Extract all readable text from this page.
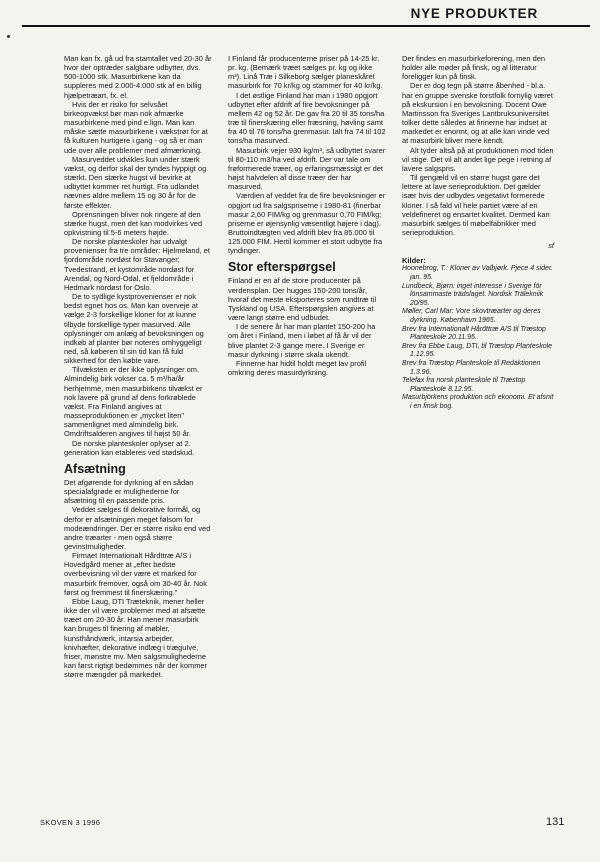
NYE PRODUKTER

Man kan fx. gå ud fra stamtallet ved 20-30 år hvor der optræder salgbare udbytter, dvs. 500-1000 stk. Masurbirkene kan da suppleres med 2.000-4.000 stk af en billig hjælpetræart, fx. el.

Hvis der er risiko for selvsået birkeopvækst bør man nok afmærke masurbirkene med pind e.lign. Man kan måske sætte masurbirkene i vækstrør for at få kulturen hurtigere i gang - og så er man ude over alle problemer med afmærkning.

Masurveddet udvikles kun under stærk vækst, og derfor skal der tyndes hyppigt og stærkt. Den stærke hugst vil bevirke at udbyttet kommer ret hurtigt. Fra udlandet nævnes aldre mellem 15 og 30 år for de første effekter.

Oprensningen bliver nok ringere af den stærke hugst, men det kan modvirkes ved opkvistning til 5-6 meters højde.

De norske planteskoler har udvalgt provenienser fra tre områder: Hjelmeland, et fjordområde nordøst for Stavanger; Tvedestrand, et kystområde nordøst for Arendal, og Nord-Odal, et fjeldområde i Hedmark nordøst for Oslo.

De to sydlige kystprovenienser er nok bedst egnet hos os. Man kan overveje at vælge 2-3 forskellige kloner for at kunne tilbyde forskellige typer masurved. Alle oplysninger om anlæg af bevoksningen og indkøb af planter bør noteres omhyggeligt ned, så køberen til sin tid kan få fuld sikkerhed for den købte vare.

Tilvæksten er der ikke oplysninger om. Almindelig birk vokser ca. 5 m³/ha/år herhjemme, men masurbirkens tilvækst er nok lavere på grund af dens forkrøblede vækst. Fra Finland angives at masseproduktionen er „mycket liten" sammenlignet med almindelig birk. Omdriftsalderen angives til højst 50 år.

De norske planteskoler oplyser at 2. generation kan etableres ved stødskud.

Afsætning

Det afgørende for dyrkning af en sådan specialafgrøde er mulighederne for afsætning til en passende pris.

Veddet sælges til dekorative formål, og derfor er afsætningen meget følsom for modeændringer. Der er større risiko end ved andre træarter - men også større gevinstmuligheder.

Firmaet Internationalt Hårdttræ A/S i Hovedgård mener at „efter bedste overbevisning vil der være et marked for masurbirk fremover, også om 30-40 år. Nok først og fremmest til finerskæring."

Ebbe Laug, DTI Træteknik, mener heller ikke der vil være problemer med at afsætte træet om 20-30 år. Han mener masurbirk kan bruges til finering af møbler, kunsthåndværk, intarsia arbejder, knivhæfter, dekorative indlæg i træguIve, friser, mønstre mv. Men salgsmulighederne kan først rigtigt bedømmes når der kommer større mængder på markedet.

I Finland får producenterne priser på 14-25 kr. pr. kg. (Bemærk træet sælges pr. kg og ikke m³). Linå Træ i Silkeborg sælger planeskåret masurbirk for 70 kr/kg og stammer for 40 kr/kg.

I det østlige Finland har man i 1980 opgjort udbyttet efter afdrift af fire bevoksninger på mellem 42 og 52 år. De gav fra 20 til 35 tons/ha træ til finerskæring eller fræsning, høvling samt fra 40 til 76 tons/ha grenmasur. Ialt fra 74 til 102 tons/ha masurved.

Masurbirk vejer 930 kg/m³, så udbyttet svarer til 80-110 m3/ha ved afdrift. Der var tale om frøformerede træer, og erfaringsmæssigt er det højst halvdelen af disse træer der har masurved.

Værdien af veddet fra de fire bevoksninger er opgjort ud fra salgspriserne i 1980-81 (finerbar masur 2,60 FIM/kg og grenmasur 0,70 FIM/kg; priserne er øjensynlig væsentligt højere i dag). Bruttoindtægten ved afdrift blev fra 85.000 til 125.000 FIM. Hertil kommer et stort udbytte fra tyndinger.

Stor efterspørgsel

Finland er en af de store producenter på verdensplan. Der hugges 150-200 tons/år, hvoraf det meste eksporteres som rundtræ til Tyskland og USA. Efterspørgslen angives at være langt større end udbudet.

I de senere år har man plantet 150-200 ha om året i Finland, men i løbet af få år vil der blive plantet 2-3 gange mere. I Sverige er masur dyrkning i større skala ukendt.

Finnerne har hidtil holdt meget lav profil omkring deres masurdyrkning.

Der findes en masurbirkeforening, men den holder alle møder på finsk, og al litteratur foreligger kun på finsk.

Der er dog tegn på større åbenhed - bl.a. har en gruppe svenske forstfolk fornylig været på ekskursion i en bevoksning. Docent Owe Martinsson fra Sveriges Lantbruksuniversitet tolker dette således at finnerne har indset at markedet er enormt, og at alle kan vinde ved at masurbirk bliver mere kendt.

Alt tyder altså på at produktionen mod tiden vil stige. Det vil alt andet lige pege i retning af lavere salgspris.

Til gengæld vil en større hugst gøre det lettere at lave serieproduktion. Det gælder især hvis der udbydes vegetativt formerede kloner. I så fald vil hele partiet være af en veldefineret og ensartet kvalitet. Dermed kan masurbirk sælges til møbelfabrikker med serieproduktion.

sf
Kilder:

Hoonebrog, T.: Kloner av Valbjørk. Pjece 4 sider. jan. 95.

Lundbeck, Bjørn: inget interesse i Sverige för lönsammaste trädslaget. Nordisk Trälekniik 20/95.

Møller, Carl Mar: Vore skovtræarter og deres dyrkning. København 1965.

Brev fra Internationalt Hårdttræ A/S til Træstop Planteskole 20.11.95.

Brev fra Ebbe Laug, DTI, til Træstop Planteskole 1.12.95.

Brev fra Træstop Planteskole til Redaktionen 1.3.96.

Telefax fra norsk planteskole til Træstop Planteskole 8.12.95.

Masurbjörkens produktion och ekonomi. Et afsnit i en finsk bog.

SKOVEN 3 1996	131
